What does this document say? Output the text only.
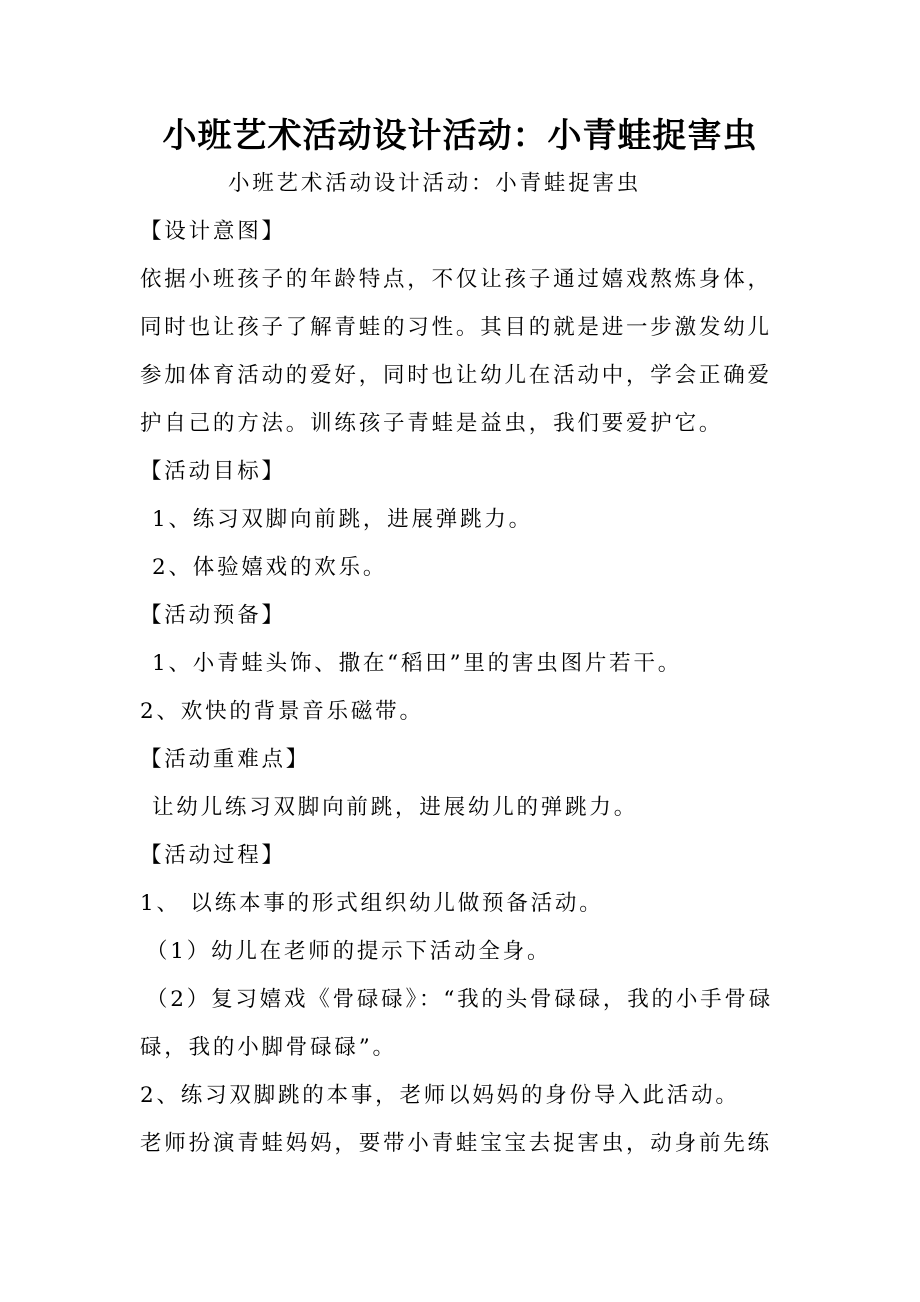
小班艺术活动设计活动：小青蛙捉害虫
小班艺术活动设计活动：小青蛙捉害虫
【设计意图】
依据小班孩子的年龄特点，不仅让孩子通过嬉戏熬炼身体，
同时也让孩子了解青蛙的习性。其目的就是进一步激发幼儿
参加体育活动的爱好，同时也让幼儿在活动中，学会正确爱
护自己的方法。训练孩子青蛙是益虫，我们要爱护它。
【活动目标】
1、练习双脚向前跳，进展弹跳力。
2、体验嬉戏的欢乐。
【活动预备】
1、小青蛙头饰、撒在“稻田”里的害虫图片若干。
2、欢快的背景音乐磁带。
【活动重难点】
让幼儿练习双脚向前跳，进展幼儿的弹跳力。
【活动过程】
1、 以练本事的形式组织幼儿做预备活动。
（1）幼儿在老师的提示下活动全身。
（2）复习嬉戏《骨碌碌》：“我的头骨碌碌，我的小手骨碌
碌，我的小脚骨碌碌”。
2、练习双脚跳的本事，老师以妈妈的身份导入此活动。
老师扮演青蛙妈妈，要带小青蛙宝宝去捉害虫，动身前先练
